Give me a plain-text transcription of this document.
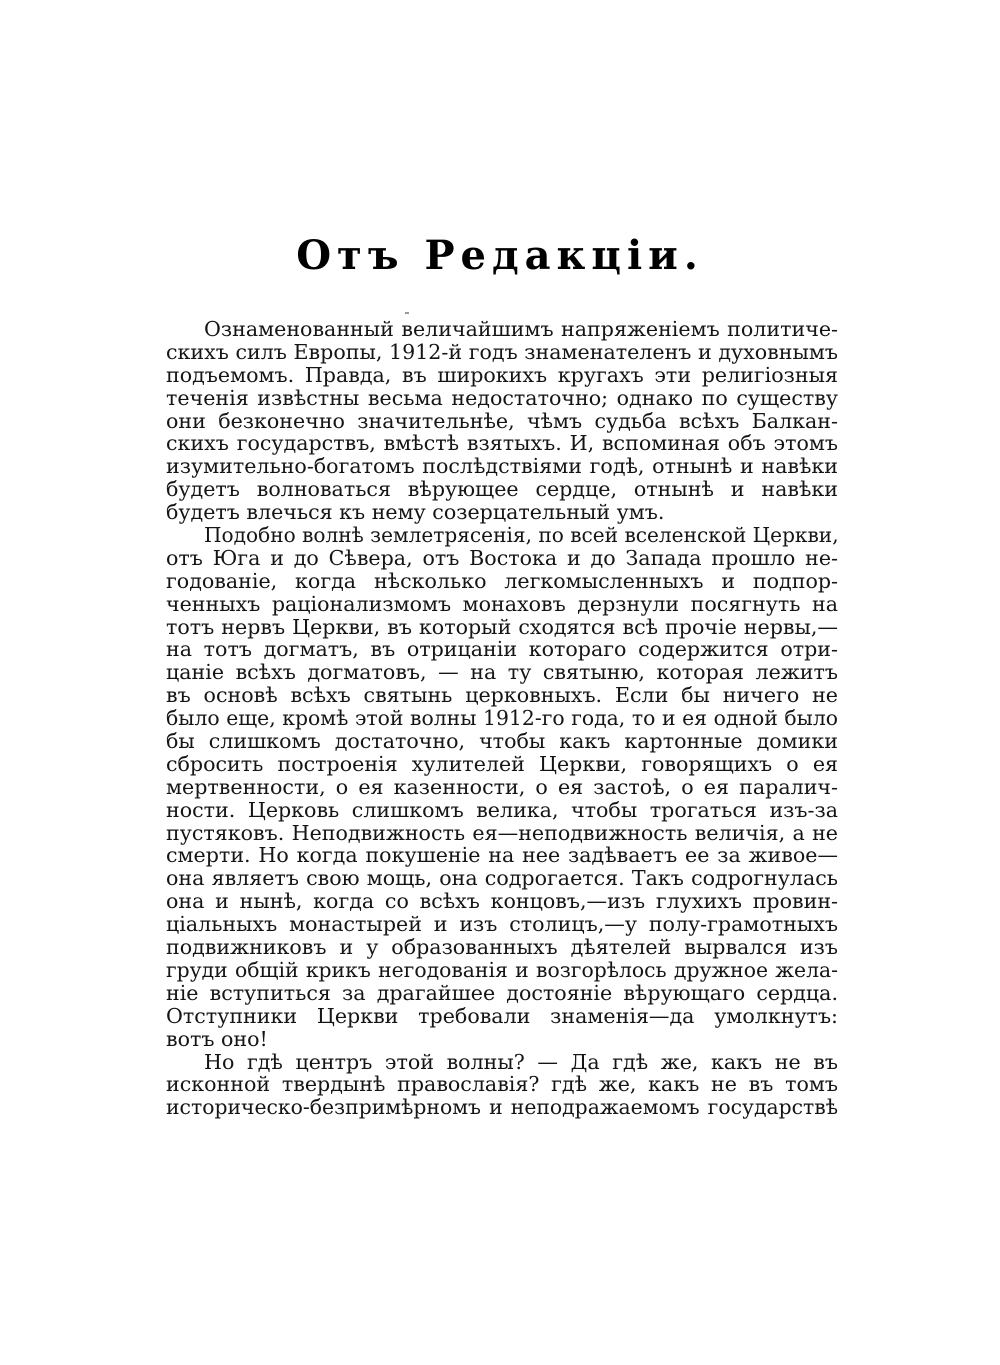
Отъ Редакціи.
Ознаменованный величайшимъ напряженіемъ политиче-
скихъ силъ Европы, 1912-й годъ знаменателенъ и духовнымъ
подъемомъ. Правда, въ широкихъ кругахъ эти религіозныя
теченія извѣстны весьма недостаточно; однако по существу
они безконечно значительнѣе, чѣмъ судьба всѣхъ Балкан-
скихъ государствъ, вмѣстѣ взятыхъ. И, вспоминая объ этомъ
изумительно-богатомъ послѣдствіями годѣ, отнынѣ и навѣки
будетъ волноваться вѣрующее сердце, отнынѣ и навѣки
будетъ влечься къ нему созерцательный умъ.
Подобно волнѣ землетрясенія, по всей вселенской Церкви,
отъ Юга и до Сѣвера, отъ Востока и до Запада прошло не-
годованіе, когда нѣсколько легкомысленныхъ и подпор-
ченныхъ раціонализмомъ монаховъ дерзнули посягнуть на
тотъ нервъ Церкви, въ который сходятся всѣ прочіе нервы,—
на тотъ догматъ, въ отрицаніи котораго содержится отри-
цаніе всѣхъ догматовъ, — на ту святыню, которая лежитъ
въ основѣ всѣхъ святынь церковныхъ. Если бы ничего не
было еще, кромѣ этой волны 1912-го года, то и ея одной было
бы слишкомъ достаточно, чтобы какъ картонные домики
сбросить построенія хулителей Церкви, говорящихъ о ея
мертвенности, о ея казенности, о ея застоѣ, о ея паралич-
ности. Церковь слишкомъ велика, чтобы трогаться изъ-за
пустяковъ. Неподвижность ея—неподвижность величія, а не
смерти. Но когда покушеніе на нее задѣваетъ ее за живое—
она являетъ свою мощь, она содрогается. Такъ содрогнулась
она и нынѣ, когда со всѣхъ концовъ,—изъ глухихъ провин-
ціальныхъ монастырей и изъ столицъ,—у полу-грамотныхъ
подвижниковъ и у образованныхъ дѣятелей вырвался изъ
груди общій крикъ негодованія и возгорѣлось дружное жела-
ніе вступиться за драгайшее достояніе вѣрующаго сердца.
Отступники Церкви требовали знаменія—да умолкнутъ:
вотъ оно!
Но гдѣ центръ этой волны? — Да гдѣ же, какъ не въ
исконной твердынѣ православія? гдѣ же, какъ не въ томъ
историческо-безпримѣрномъ и неподражаемомъ государствѣ
